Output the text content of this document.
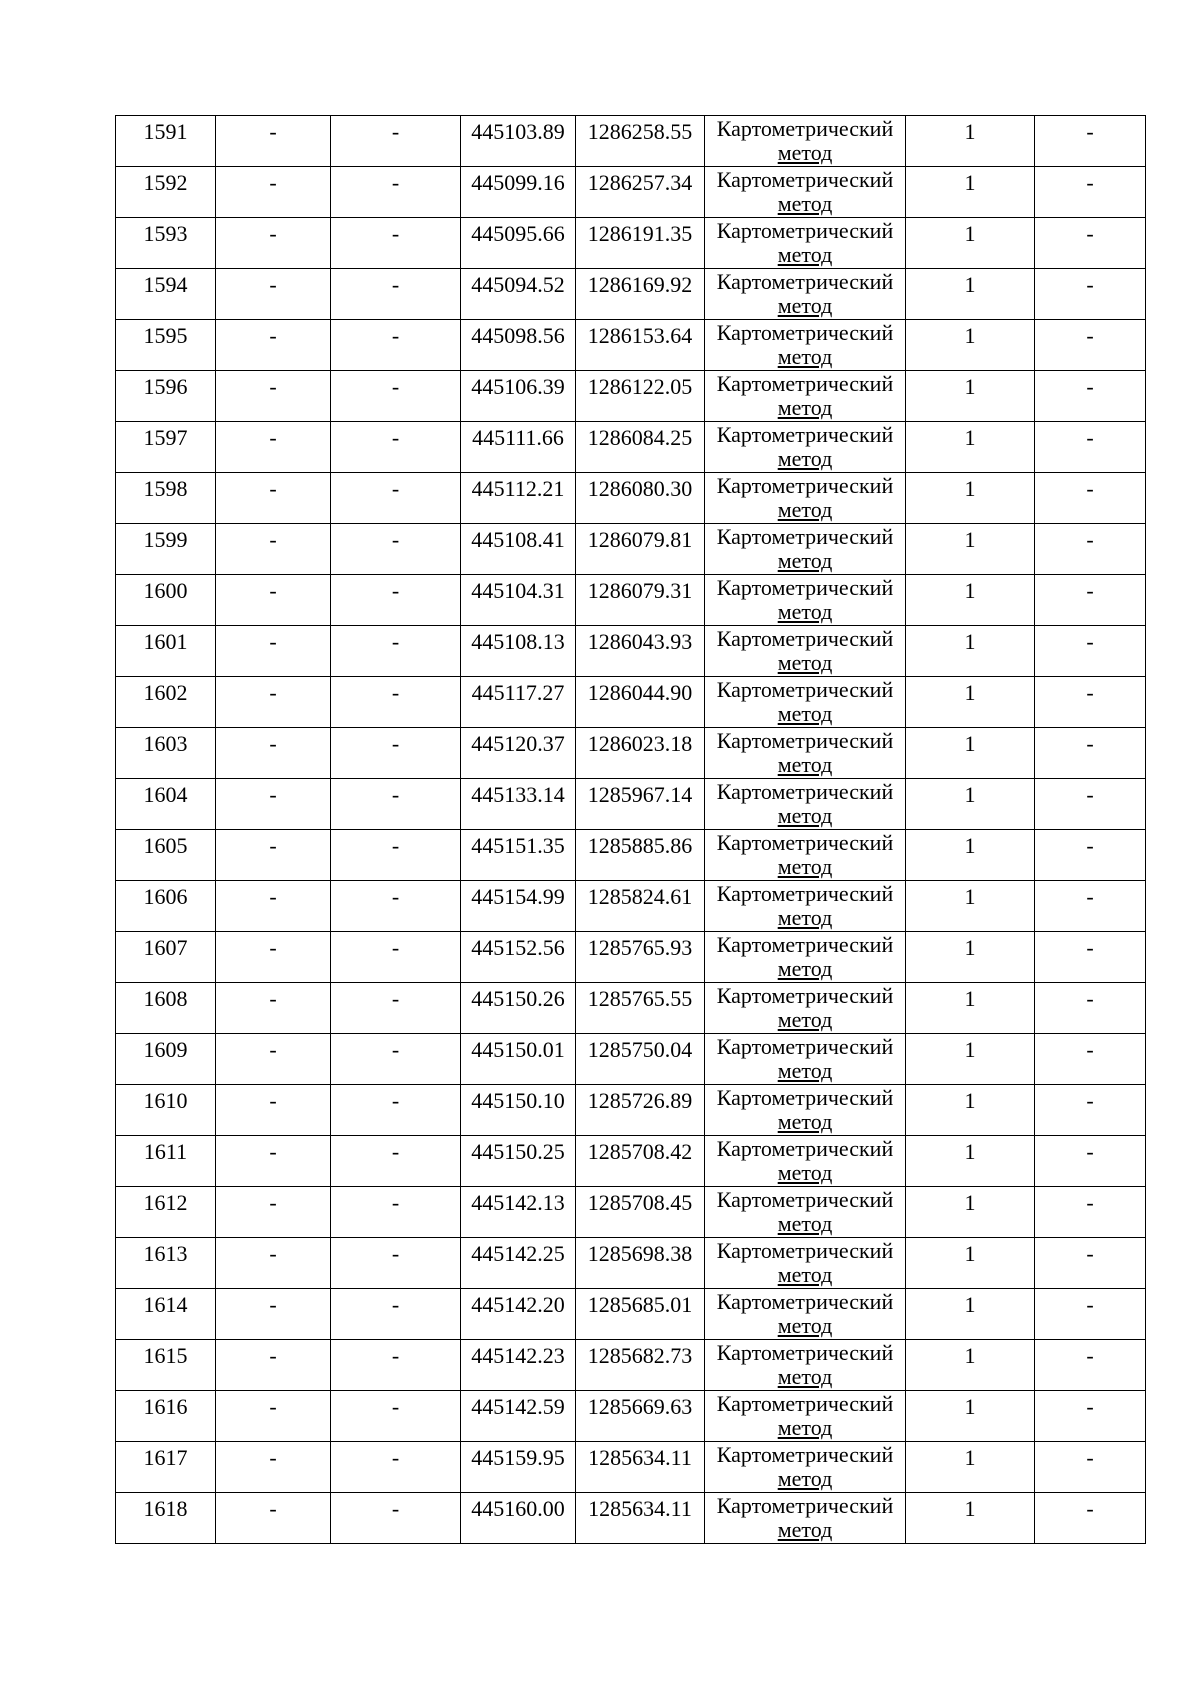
1591	-	-	445103.89	1286258.55	Картометрический
метод	1	-
1592	-	-	445099.16	1286257.34	Картометрический
метод	1	-
1593	-	-	445095.66	1286191.35	Картометрический
метод	1	-
1594	-	-	445094.52	1286169.92	Картометрический
метод	1	-
1595	-	-	445098.56	1286153.64	Картометрический
метод	1	-
1596	-	-	445106.39	1286122.05	Картометрический
метод	1	-
1597	-	-	445111.66	1286084.25	Картометрический
метод	1	-
1598	-	-	445112.21	1286080.30	Картометрический
метод	1	-
1599	-	-	445108.41	1286079.81	Картометрический
метод	1	-
1600	-	-	445104.31	1286079.31	Картометрический
метод	1	-
1601	-	-	445108.13	1286043.93	Картометрический
метод	1	-
1602	-	-	445117.27	1286044.90	Картометрический
метод	1	-
1603	-	-	445120.37	1286023.18	Картометрический
метод	1	-
1604	-	-	445133.14	1285967.14	Картометрический
метод	1	-
1605	-	-	445151.35	1285885.86	Картометрический
метод	1	-
1606	-	-	445154.99	1285824.61	Картометрический
метод	1	-
1607	-	-	445152.56	1285765.93	Картометрический
метод	1	-
1608	-	-	445150.26	1285765.55	Картометрический
метод	1	-
1609	-	-	445150.01	1285750.04	Картометрический
метод	1	-
1610	-	-	445150.10	1285726.89	Картометрический
метод	1	-
1611	-	-	445150.25	1285708.42	Картометрический
метод	1	-
1612	-	-	445142.13	1285708.45	Картометрический
метод	1	-
1613	-	-	445142.25	1285698.38	Картометрический
метод	1	-
1614	-	-	445142.20	1285685.01	Картометрический
метод	1	-
1615	-	-	445142.23	1285682.73	Картометрический
метод	1	-
1616	-	-	445142.59	1285669.63	Картометрический
метод	1	-
1617	-	-	445159.95	1285634.11	Картометрический
метод	1	-
1618	-	-	445160.00	1285634.11	Картометрический
метод	1	-
